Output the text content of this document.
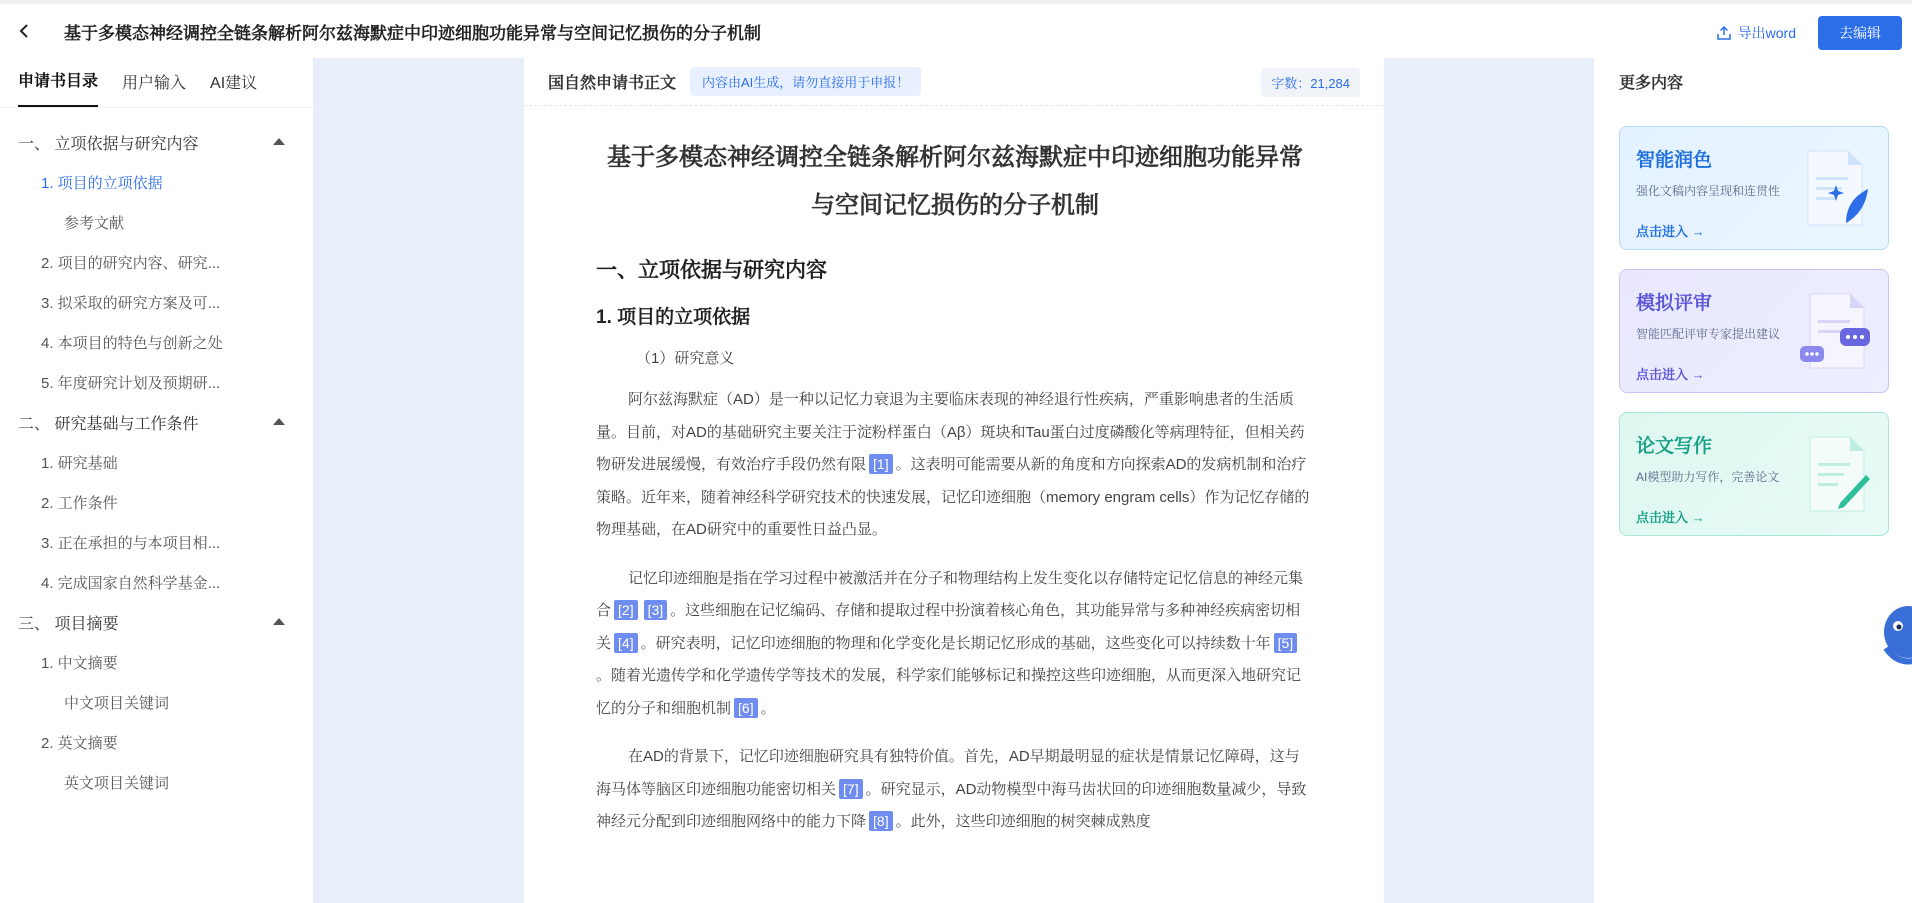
基于多模态神经调控全链条解析阿尔兹海默症中印迹细胞功能异常与空间记忆损伤的分子机制	导出word	去编辑
申请书目录 用户输入 AI建议
一、 立项依据与研究内容
1. 项目的立项依据
参考文献
2. 项目的研究内容、研究...
3. 拟采取的研究方案及可...
4. 本项目的特色与创新之处
5. 年度研究计划及预期研...
二、 研究基础与工作条件
1. 研究基础
2. 工作条件
3. 正在承担的与本项目相...
4. 完成国家自然科学基金...
三、 项目摘要
1. 中文摘要
中文项目关键词
2. 英文摘要
英文项目关键词
国自然申请书正文	内容由AI生成，请勿直接用于申报！	字数：21,284
基于多模态神经调控全链条解析阿尔兹海默症中印迹细胞功能异常
与空间记忆损伤的分子机制
一、立项依据与研究内容
1. 项目的立项依据
（1）研究意义

阿尔兹海默症（AD）是一种以记忆力衰退为主要临床表现的神经退行性疾病，严重影响患者的生活质量。目前，对AD的基础研究主要关注于淀粉样蛋白（Aβ）斑块和Tau蛋白过度磷酸化等病理特征，但相关药物研发进展缓慢，有效治疗手段仍然有限 [1] 。这表明可能需要从新的角度和方向探索AD的发病机制和治疗策略。近年来，随着神经科学研究技术的快速发展，记忆印迹细胞（memory engram cells）作为记忆存储的物理基础，在AD研究中的重要性日益凸显。

记忆印迹细胞是指在学习过程中被激活并在分子和物理结构上发生变化以存储特定记忆信息的神经元集合 [2] [3] 。这些细胞在记忆编码、存储和提取过程中扮演着核心角色，其功能异常与多种神经疾病密切相关 [4] 。研究表明，记忆印迹细胞的物理和化学变化是长期记忆形成的基础，这些变化可以持续数十年 [5]。随着光遗传学和化学遗传学等技术的发展，科学家们能够标记和操控这些印迹细胞，从而更深入地研究记忆的分子和细胞机制 [6] 。

在AD的背景下，记忆印迹细胞研究具有独特价值。首先，AD早期最明显的症状是情景记忆障碍，这与海马体等脑区印迹细胞功能密切相关 [7] 。研究显示，AD动物模型中海马齿状回的印迹细胞数量减少，导致神经元分配到印迹细胞网络中的能力下降 [8] 。此外，这些印迹细胞的树突棘成熟度

更多内容
智能润色
强化文稿内容呈现和连贯性
点击进入 →
模拟评审
智能匹配评审专家提出建议
点击进入 →
论文写作
AI模型助力写作，完善论文
点击进入 →
